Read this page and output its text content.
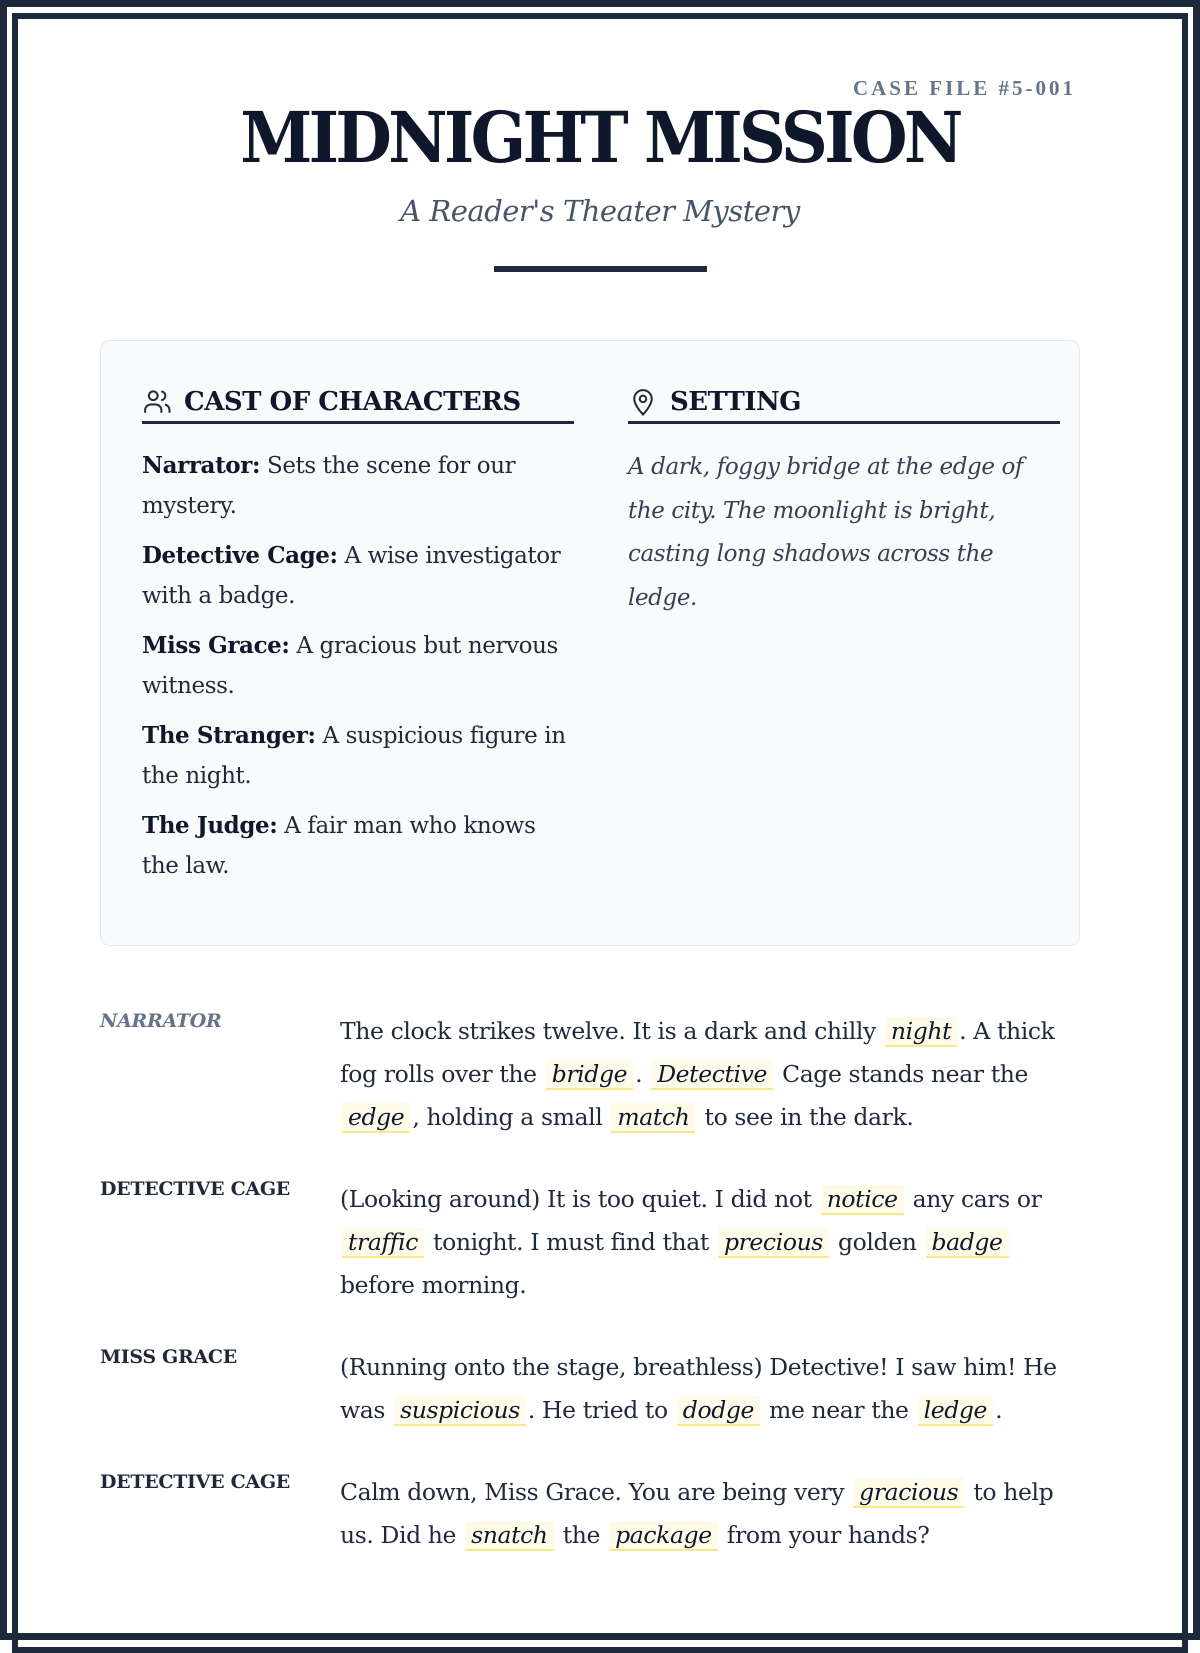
CASE FILE #5-001
MIDNIGHT MISSION
A Reader's Theater Mystery
CAST OF CHARACTERS

Narrator: Sets the scene for our mystery.

Detective Cage: A wise investigator with a badge.

Miss Grace: A gracious but nervous witness.

The Stranger: A suspicious figure in the night.

The Judge: A fair man who knows the law.

SETTING
A dark, foggy bridge at the edge of the city. The moonlight is bright, casting long shadows across the ledge.
NARRATOR	The clock strikes twelve. It is a dark and chilly night . A thick fog rolls over the bridge . Detective Cage stands near the edge , holding a small match to see in the dark.
DETECTIVE CAGE	(Looking around) It is too quiet. I did not notice any cars or traffic tonight. I must find that precious golden badge before morning.
MISS GRACE	(Running onto the stage, breathless) Detective! I saw him! He was suspicious . He tried to dodge me near the ledge .
DETECTIVE CAGE	Calm down, Miss Grace. You are being very gracious to help us. Did he snatch the package from your hands?
